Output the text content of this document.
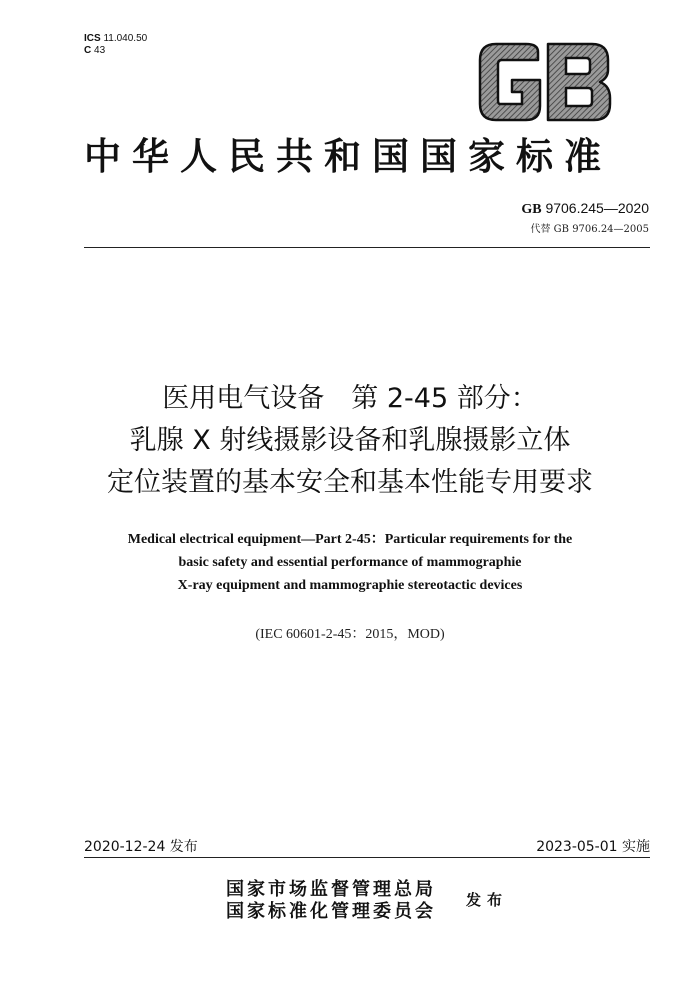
ICS 11.040.50
C 43
中华人民共和国国家标准
GB 9706.245—2020
代替 GB 9706.24—2005
医用电气设备　第 2-45 部分：
乳腺 X 射线摄影设备和乳腺摄影立体
定位装置的基本安全和基本性能专用要求
Medical electrical equipment—Part 2-45：Particular requirements for the
basic safety and essential performance of mammographie
X-ray equipment and mammographie stereotactic devices
(IEC 60601-2-45：2015，MOD)
2020-12-24 发布	2023-05-01 实施
国家市场监督管理总局
国家标准化管理委员会
发布
